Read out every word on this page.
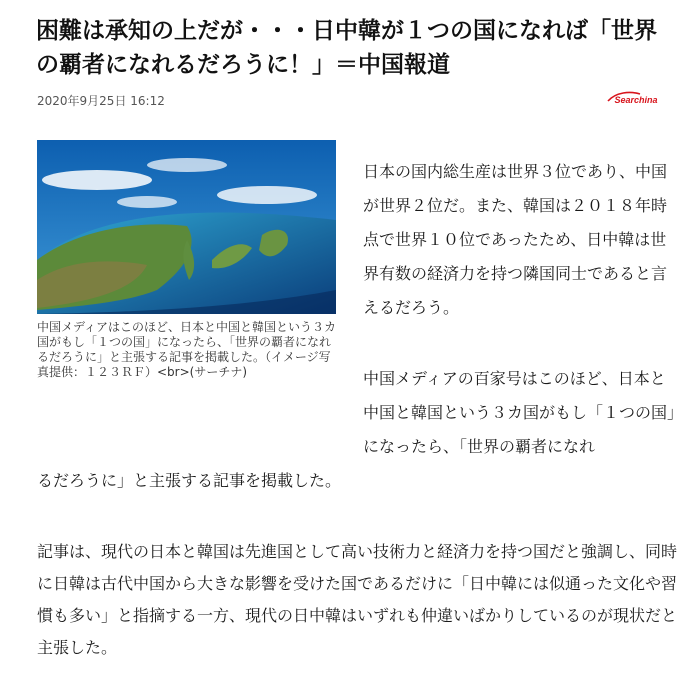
困難は承知の上だが・・・日中韓が１つの国になれば「世界の覇者になれるだろうに！」＝中国報道
2020年9月25日 16:12	Searchina

中国メディアはこのほど、日本と中国と韓国という３カ国がもし「１つの国」になったら、「世界の覇者になれるだろうに」と主張する記事を掲載した。（イメージ写真提供：１２３ＲＦ）<br>(サーチナ)

日本の国内総生産は世界３位であり、中国が世界２位だ。また、韓国は２０１８年時点で世界１０位であったため、日中韓は世界有数の経済力を持つ隣国同士であると言えるだろう。

中国メディアの百家号はこのほど、日本と中国と韓国という３カ国がもし「１つの国」になったら、「世界の覇者になれ

るだろうに」と主張する記事を掲載した。

記事は、現代の日本と韓国は先進国として高い技術力と経済力を持つ国だと強調し、同時に日韓は古代中国から大きな影響を受けた国であるだけに「日中韓には似通った文化や習慣も多い」と指摘する一方、現代の日中韓はいずれも仲違いばかりしているのが現状だと主張した。
